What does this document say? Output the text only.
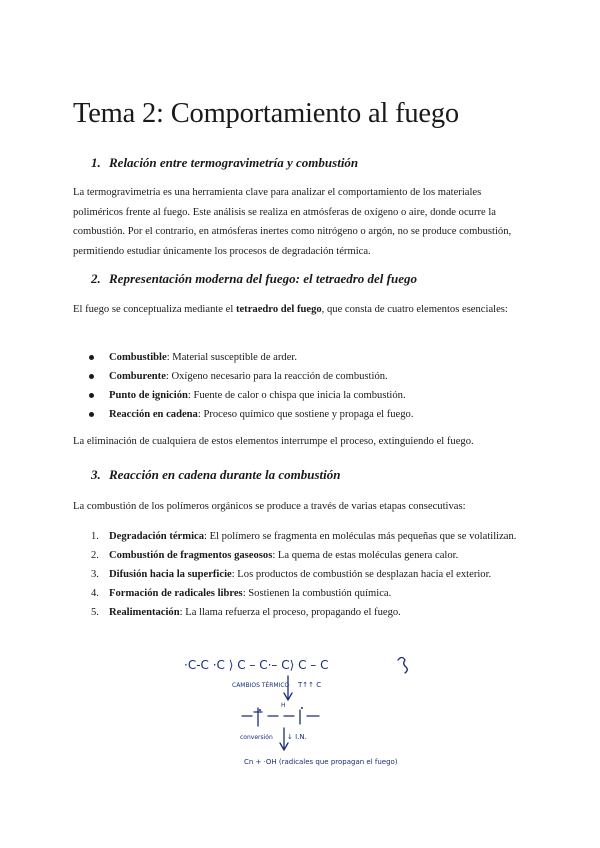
Tema 2: Comportamiento al fuego
1. Relación entre termogravimetría y combustión

La termogravimetría es una herramienta clave para analizar el comportamiento de los materiales poliméricos frente al fuego. Este análisis se realiza en atmósferas de oxígeno o aire, donde ocurre la combustión. Por el contrario, en atmósferas inertes como nitrógeno o argón, no se produce combustión, permitiendo estudiar únicamente los procesos de degradación térmica.

2. Representación moderna del fuego: el tetraedro del fuego

El fuego se conceptualiza mediante el tetraedro del fuego, que consta de cuatro elementos esenciales:

Combustible: Material susceptible de arder.
Comburente: Oxígeno necesario para la reacción de combustión.
Punto de ignición: Fuente de calor o chispa que inicia la combustión.
Reacción en cadena: Proceso químico que sostiene y propaga el fuego.

La eliminación de cualquiera de estos elementos interrumpe el proceso, extinguiendo el fuego.

3. Reacción en cadena durante la combustión

La combustión de los polímeros orgánicos se produce a través de varias etapas consecutivas:

1. Degradación térmica: El polímero se fragmenta en moléculas más pequeñas que se volatilizan.
2. Combustión de fragmentos gaseosos: La quema de estas moléculas genera calor.
3. Difusión hacia la superficie: Los productos de combustión se desplazan hacia el exterior.
4. Formación de radicales libres: Sostienen la combustión química.
5. Realimentación: La llama refuerza el proceso, propagando el fuego.
·C-C ·C ⟩ C – C·– C⟩ C – C
CAMBIOS TÉRMICO T↑↑ C
H
conversión ↓ I.N.
Cn + ·OH (radicales que propagan el fuego)
